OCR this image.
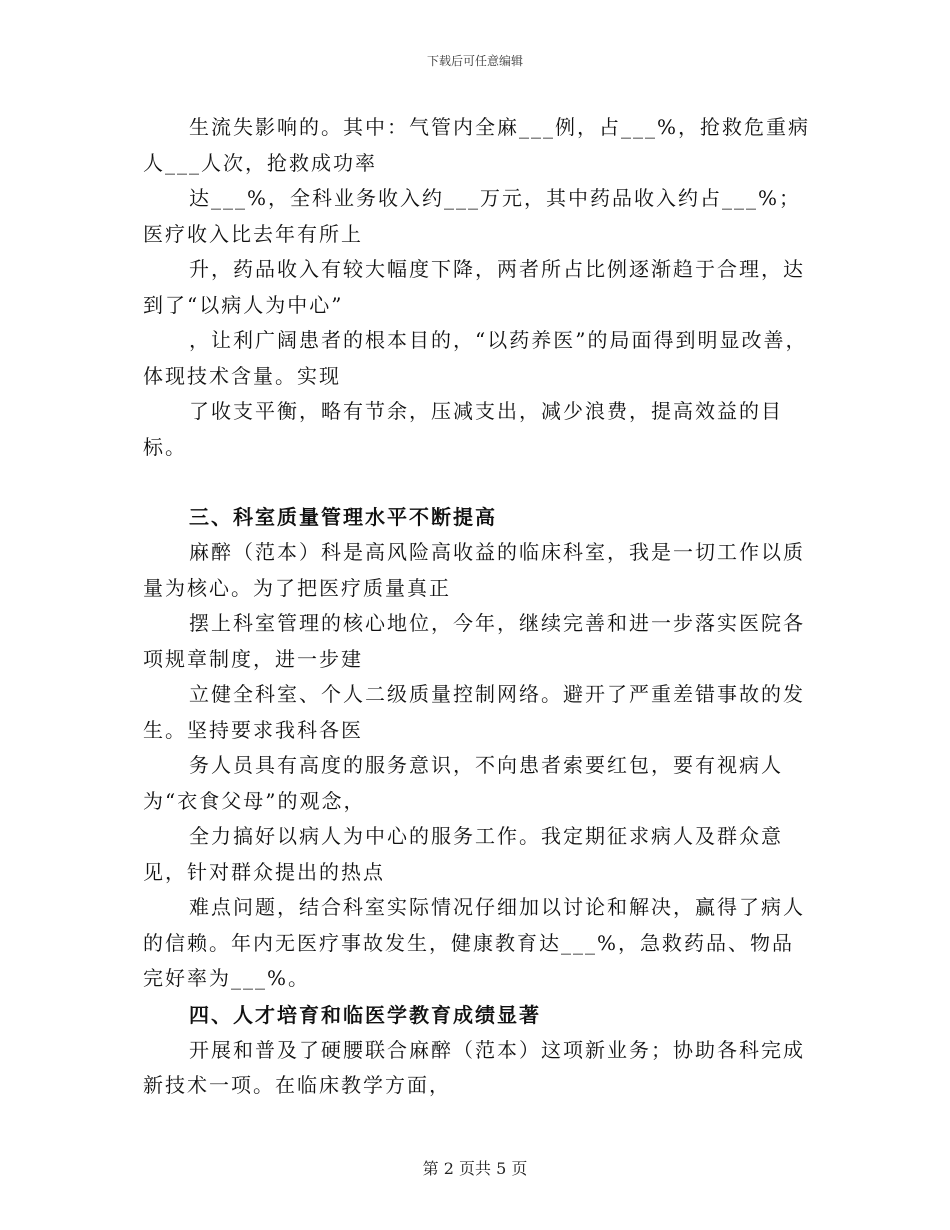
下载后可任意编辑

生流失影响的。其中：气管内全麻___例，占___%，抢救危重病人___人次，抢救成功率

达___%，全科业务收入约___万元，其中药品收入约占___%；医疗收入比去年有所上

升，药品收入有较大幅度下降，两者所占比例逐渐趋于合理，达到了“以病人为中心”

，让利广阔患者的根本目的，“以药养医”的局面得到明显改善，体现技术含量。实现

了收支平衡，略有节余，压减支出，减少浪费，提高效益的目标。

三、科室质量管理水平不断提高

麻醉（范本）科是高风险高收益的临床科室，我是一切工作以质量为核心。为了把医疗质量真正

摆上科室管理的核心地位，今年，继续完善和进一步落实医院各项规章制度，进一步建

立健全科室、个人二级质量控制网络。避开了严重差错事故的发生。坚持要求我科各医

务人员具有高度的服务意识，不向患者索要红包，要有视病人为“衣食父母”的观念，

全力搞好以病人为中心的服务工作。我定期征求病人及群众意见，针对群众提出的热点

难点问题，结合科室实际情况仔细加以讨论和解决，赢得了病人的信赖。年内无医疗事故发生，健康教育达___%，急救药品、物品完好率为___%。

四、人才培育和临医学教育成绩显著

开展和普及了硬腰联合麻醉（范本）这项新业务；协助各科完成新技术一项。在临床教学方面，

第 2 页共 5 页
